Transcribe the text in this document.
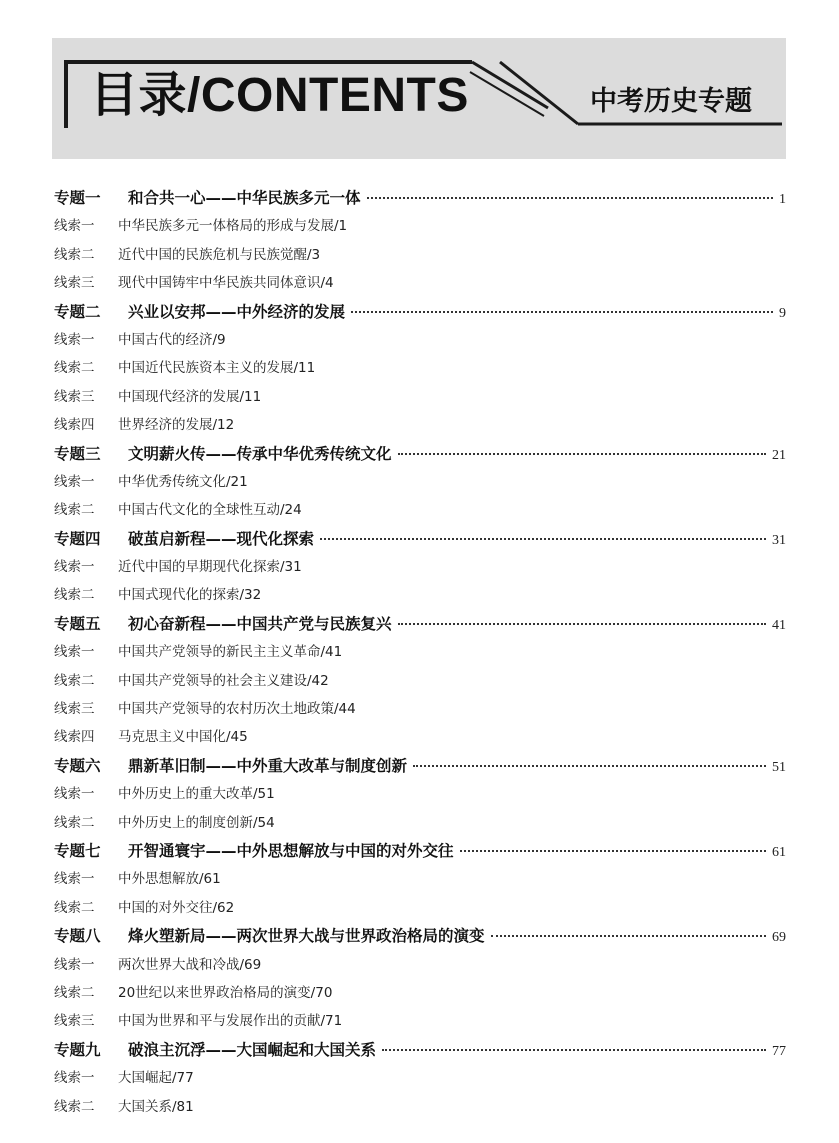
目录/CONTENTS	中考历史专题
专题一	和合共一心——中华民族多元一体	1
线索一	中华民族多元一体格局的形成与发展/1
线索二	近代中国的民族危机与民族觉醒/3
线索三	现代中国铸牢中华民族共同体意识/4
专题二	兴业以安邦——中外经济的发展	9
线索一	中国古代的经济/9
线索二	中国近代民族资本主义的发展/11
线索三	中国现代经济的发展/11
线索四	世界经济的发展/12
专题三	文明薪火传——传承中华优秀传统文化	21
线索一	中华优秀传统文化/21
线索二	中国古代文化的全球性互动/24
专题四	破茧启新程——现代化探索	31
线索一	近代中国的早期现代化探索/31
线索二	中国式现代化的探索/32
专题五	初心奋新程——中国共产党与民族复兴	41
线索一	中国共产党领导的新民主主义革命/41
线索二	中国共产党领导的社会主义建设/42
线索三	中国共产党领导的农村历次土地政策/44
线索四	马克思主义中国化/45
专题六	鼎新革旧制——中外重大改革与制度创新	51
线索一	中外历史上的重大改革/51
线索二	中外历史上的制度创新/54
专题七	开智通寰宇——中外思想解放与中国的对外交往	61
线索一	中外思想解放/61
线索二	中国的对外交往/62
专题八	烽火塑新局——两次世界大战与世界政治格局的演变	69
线索一	两次世界大战和冷战/69
线索二	20世纪以来世界政治格局的演变/70
线索三	中国为世界和平与发展作出的贡献/71
专题九	破浪主沉浮——大国崛起和大国关系	77
线索一	大国崛起/77
线索二	大国关系/81
